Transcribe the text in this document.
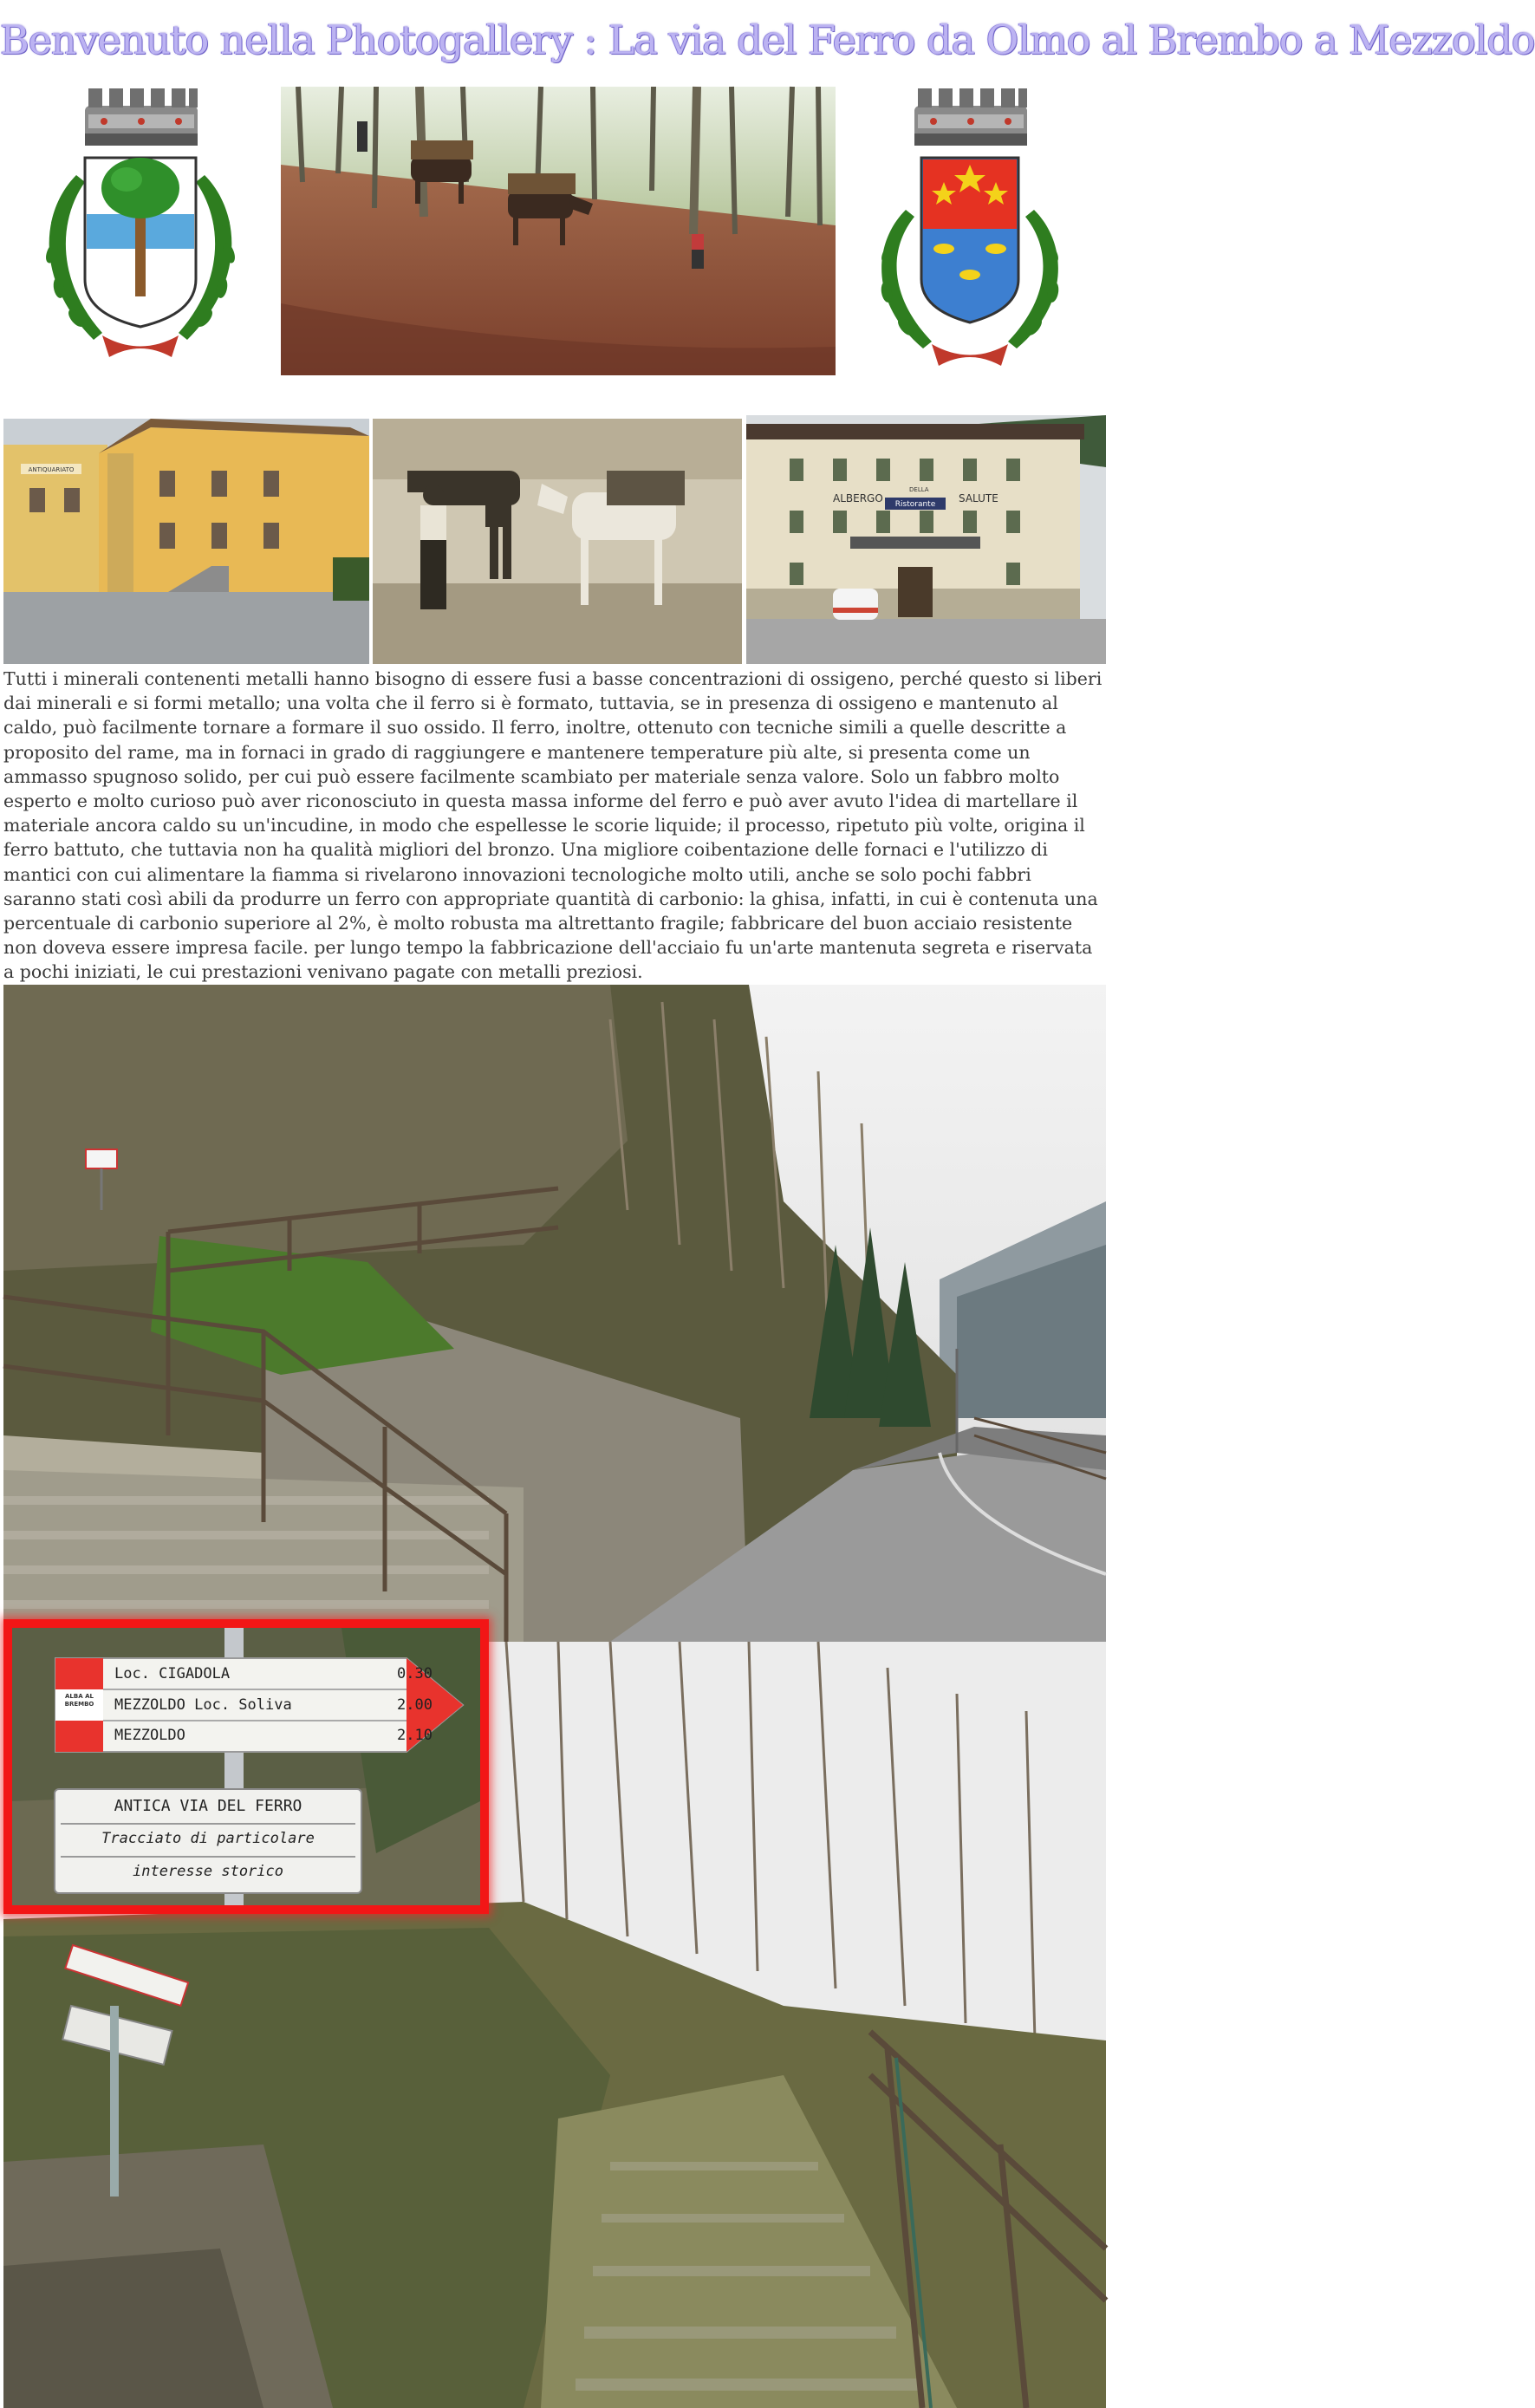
Benvenuto nella Photogallery : La via del Ferro da Olmo al Brembo a Mezzoldo
ANTIQUARIATO
ALBERGO
DELLA
Ristorante SALUTE

Tutti i minerali contenenti metalli hanno bisogno di essere fusi a basse concentrazioni di ossigeno, perché questo si liberi dai minerali e si formi metallo; una volta che il ferro si è formato, tuttavia, se in presenza di ossigeno e mantenuto al caldo, può facilmente tornare a formare il suo ossido. Il ferro, inoltre, ottenuto con tecniche simili a quelle descritte a proposito del rame, ma in fornaci in grado di raggiungere e mantenere temperature più alte, si presenta come un ammasso spugnoso solido, per cui può essere facilmente scambiato per materiale senza valore. Solo un fabbro molto esperto e molto curioso può aver riconosciuto in questa massa informe del ferro e può aver avuto l'idea di martellare il materiale ancora caldo su un'incudine, in modo che espellesse le scorie liquide; il processo, ripetuto più volte, origina il ferro battuto, che tuttavia non ha qualità migliori del bronzo. Una migliore coibentazione delle fornaci e l'utilizzo di mantici con cui alimentare la fiamma si rivelarono innovazioni tecnologiche molto utili, anche se solo pochi fabbri saranno stati così abili da produrre un ferro con appropriate quantità di carbonio: la ghisa, infatti, in cui è contenuta una percentuale di carbonio superiore al 2%, è molto robusta ma altrettanto fragile; fabbricare del buon acciaio resistente non doveva essere impresa facile. per lungo tempo la fabbricazione dell'acciaio fu un'arte mantenuta segreta e riservata a pochi iniziati, le cui prestazioni venivano pagate con metalli preziosi.

ALBA AL BREMBO
Loc. CIGADOLA	0.30
MEZZOLDO Loc. Soliva	2.00
MEZZOLDO	2.10
ANTICA VIA DEL FERRO
Tracciato di particolare
interesse storico
